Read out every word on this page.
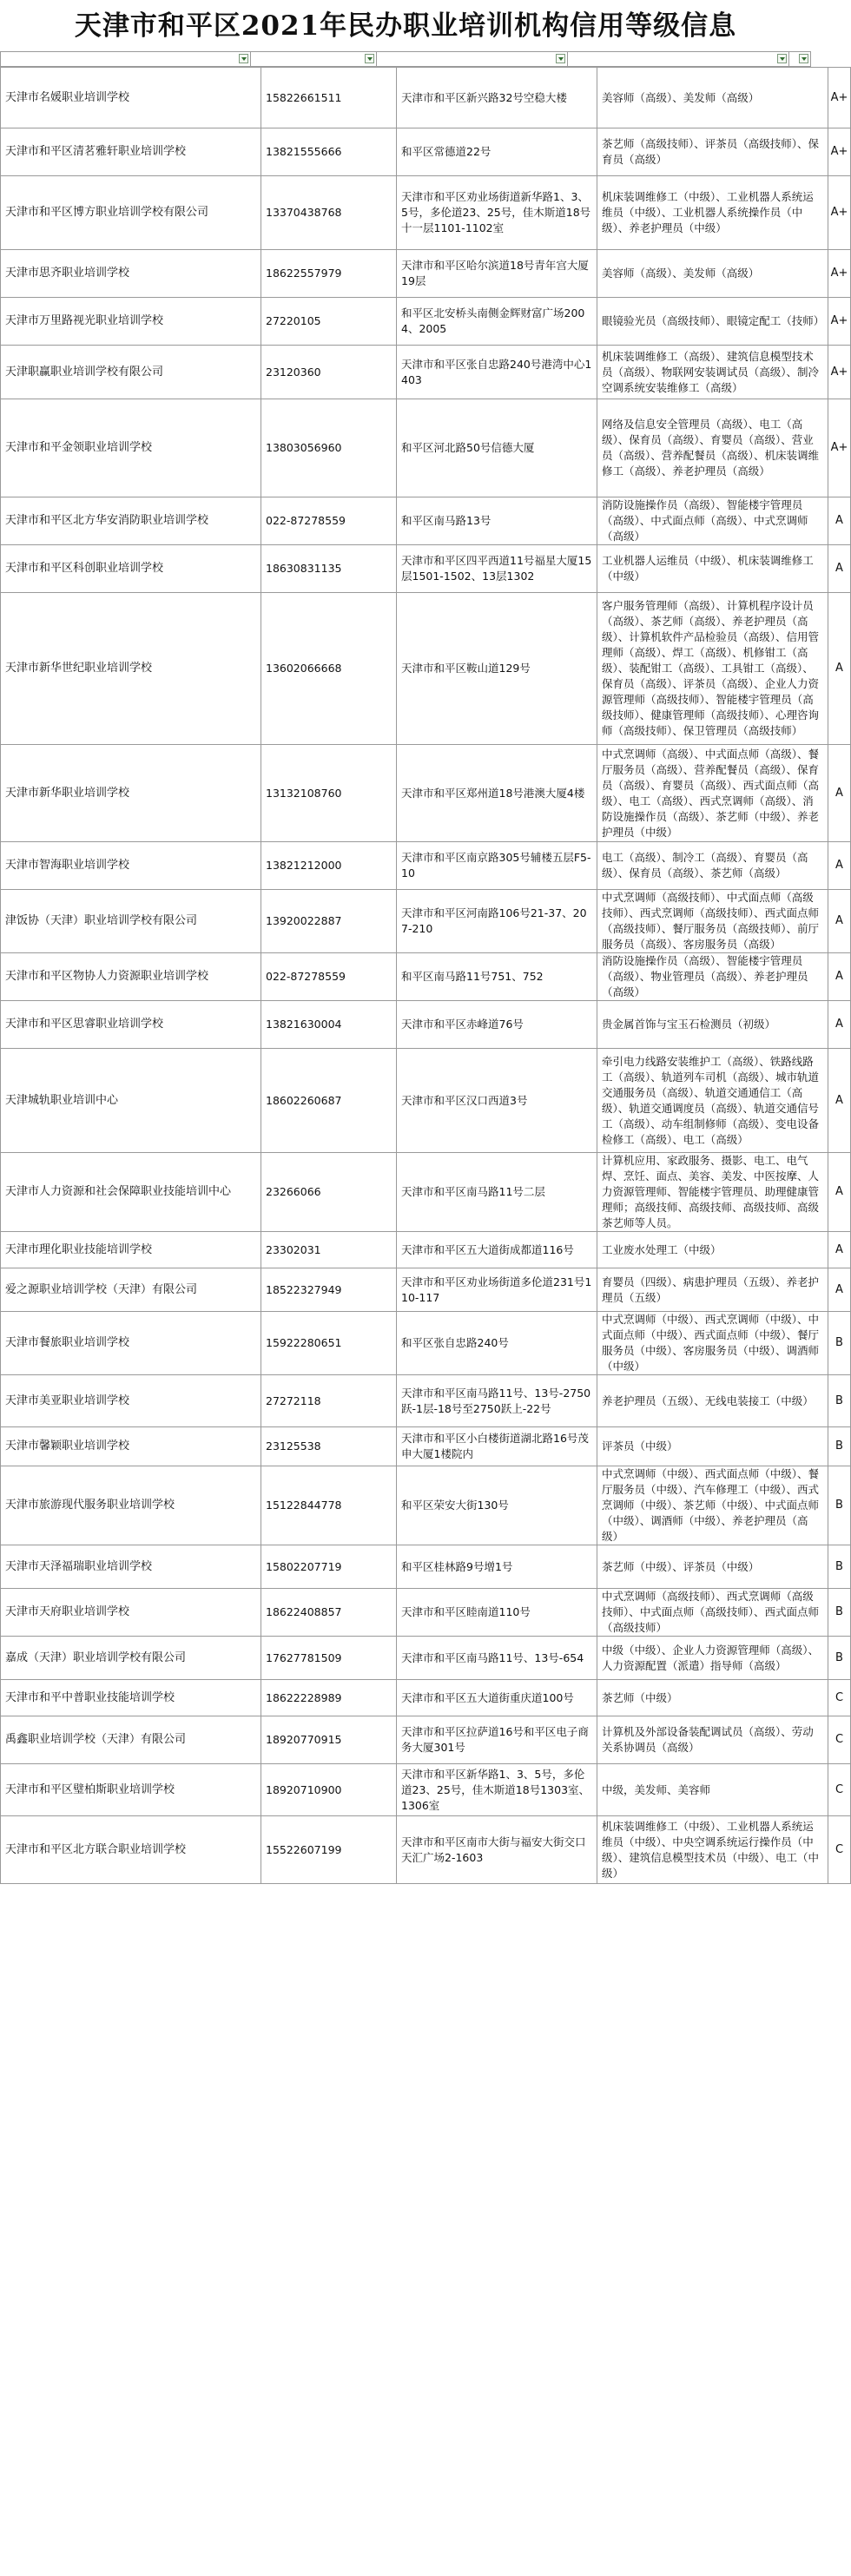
天津市和平区2021年民办职业培训机构信用等级信息
天津市名媛职业培训学校	15822661511	天津市和平区新兴路32号空稳大楼	美容师（高级）、美发师（高级）	A+
天津市和平区清茗雅轩职业培训学校	13821555666	和平区常德道22号	茶艺师（高级技师）、评茶员（高级技师）、保育员（高级）	A+
天津市和平区博方职业培训学校有限公司	13370438768	天津市和平区劝业场街道新华路1、3、5号，多伦道23、25号，佳木斯道18号十一层1101-1102室	机床装调维修工（中级）、工业机器人系统运维员（中级）、工业机器人系统操作员（中级）、养老护理员（中级）	A+
天津市思齐职业培训学校	18622557979	天津市和平区哈尔滨道18号青年宫大厦19层	美容师（高级）、美发师（高级）	A+
天津市万里路视光职业培训学校	27220105	和平区北安桥头南侧金辉财富广场2004、2005	眼镜验光员（高级技师）、眼镜定配工（技师）	A+
天津职赢职业培训学校有限公司	23120360	天津市和平区张自忠路240号港湾中心1403	机床装调维修工（高级）、建筑信息模型技术员（高级）、物联网安装调试员（高级）、制冷空调系统安装维修工（高级）	A+
天津市和平金领职业培训学校	13803056960	和平区河北路50号信德大厦	网络及信息安全管理员（高级）、电工（高级）、保育员（高级）、育婴员（高级）、营业员（高级）、营养配餐员（高级）、机床装调维修工（高级）、养老护理员（高级）	A+
天津市和平区北方华安消防职业培训学校	022-87278559	和平区南马路13号	消防设施操作员（高级）、智能楼宇管理员（高级）、中式面点师（高级）、中式烹调师（高级）	A
天津市和平区科创职业培训学校	18630831135	天津市和平区四平西道11号福星大厦15层1501-1502、13层1302	工业机器人运维员（中级）、机床装调维修工（中级）	A
天津市新华世纪职业培训学校	13602066668	天津市和平区鞍山道129号	客户服务管理师（高级）、计算机程序设计员（高级）、茶艺师（高级）、养老护理员（高级）、计算机软件产品检验员（高级）、信用管理师（高级）、焊工（高级）、机修钳工（高级）、装配钳工（高级）、工具钳工（高级）、保育员（高级）、评茶员（高级）、企业人力资源管理师（高级技师）、智能楼宇管理员（高级技师）、健康管理师（高级技师）、心理咨询师（高级技师）、保卫管理员（高级技师）	A
天津市新华职业培训学校	13132108760	天津市和平区郑州道18号港澳大厦4楼	中式烹调师（高级）、中式面点师（高级）、餐厅服务员（高级）、营养配餐员（高级）、保育员（高级）、育婴员（高级）、西式面点师（高级）、电工（高级）、西式烹调师（高级）、消防设施操作员（高级）、茶艺师（中级）、养老护理员（中级）	A
天津市智海职业培训学校	13821212000	天津市和平区南京路305号辅楼五层F5-10	电工（高级）、制冷工（高级）、育婴员（高级）、保育员（高级）、茶艺师（高级）	A
津饭协（天津）职业培训学校有限公司	13920022887	天津市和平区河南路106号21-37、207-210	中式烹调师（高级技师）、中式面点师（高级技师）、西式烹调师（高级技师）、西式面点师（高级技师）、餐厅服务员（高级技师）、前厅服务员（高级）、客房服务员（高级）	A
天津市和平区物协人力资源职业培训学校	022-87278559	和平区南马路11号751、752	消防设施操作员（高级）、智能楼宇管理员（高级）、物业管理员（高级）、养老护理员（高级）	A
天津市和平区思睿职业培训学校	13821630004	天津市和平区赤峰道76号	贵金属首饰与宝玉石检测员（初级）	A
天津城轨职业培训中心	18602260687	天津市和平区汉口西道3号	牵引电力线路安装维护工（高级）、铁路线路工（高级）、轨道列车司机（高级）、城市轨道交通服务员（高级）、轨道交通通信工（高级）、轨道交通调度员（高级）、轨道交通信号工（高级）、动车组制修师（高级）、变电设备检修工（高级）、电工（高级）	A
天津市人力资源和社会保障职业技能培训中心	23266066	天津市和平区南马路11号二层	计算机应用、家政服务、摄影、电工、电气焊、烹饪、面点、美容、美发、中医按摩、人力资源管理师、智能楼宇管理员、助理健康管理师；高级技师、高级技师、高级技师、高级茶艺师等人员。	A
天津市理化职业技能培训学校	23302031	天津市和平区五大道街成都道116号	工业废水处理工（中级）	A
爱之源职业培训学校（天津）有限公司	18522327949	天津市和平区劝业场街道多伦道231号110-117	育婴员（四级）、病患护理员（五级）、养老护理员（五级）	A
天津市餐旅职业培训学校	15922280651	和平区张自忠路240号	中式烹调师（中级）、西式烹调师（中级）、中式面点师（中级）、西式面点师（中级）、餐厅服务员（中级）、客房服务员（中级）、调酒师（中级）	B
天津市美亚职业培训学校	27272118	天津市和平区南马路11号、13号-2750跃-1层-18号至2750跃上-22号	养老护理员（五级）、无线电装接工（中级）	B
天津市馨颖职业培训学校	23125538	天津市和平区小白楼街道湖北路16号茂申大厦1楼院内	评茶员（中级）	B
天津市旅游现代服务职业培训学校	15122844778	和平区荣安大街130号	中式烹调师（中级）、西式面点师（中级）、餐厅服务员（中级）、汽车修理工（中级）、西式烹调师（中级）、茶艺师（中级）、中式面点师（中级）、调酒师（中级）、养老护理员（高级）	B
天津市天泽福瑞职业培训学校	15802207719	和平区桂林路9号增1号	茶艺师（中级）、评茶员（中级）	B
天津市天府职业培训学校	18622408857	天津市和平区睦南道110号	中式烹调师（高级技师）、西式烹调师（高级技师）、中式面点师（高级技师）、西式面点师（高级技师）	B
嘉成（天津）职业培训学校有限公司	17627781509	天津市和平区南马路11号、13号-654	中级（中级）、企业人力资源管理师（高级）、人力资源配置（派遣）指导师（高级）	B
天津市和平中普职业技能培训学校	18622228989	天津市和平区五大道街重庆道100号	茶艺师（中级）	C
禹鑫职业培训学校（天津）有限公司	18920770915	天津市和平区拉萨道16号和平区电子商务大厦301号	计算机及外部设备装配调试员（高级）、劳动关系协调员（高级）	C
天津市和平区璧柏斯职业培训学校	18920710900	天津市和平区新华路1、3、5号，多伦道23、25号，佳木斯道18号1303室、1306室	中级，美发师、美容师	C
天津市和平区北方联合职业培训学校	15522607199	天津市和平区南市大街与福安大街交口天汇广场2-1603	机床装调维修工（中级）、工业机器人系统运维员（中级）、中央空调系统运行操作员（中级）、建筑信息模型技术员（中级）、电工（中级）	C
